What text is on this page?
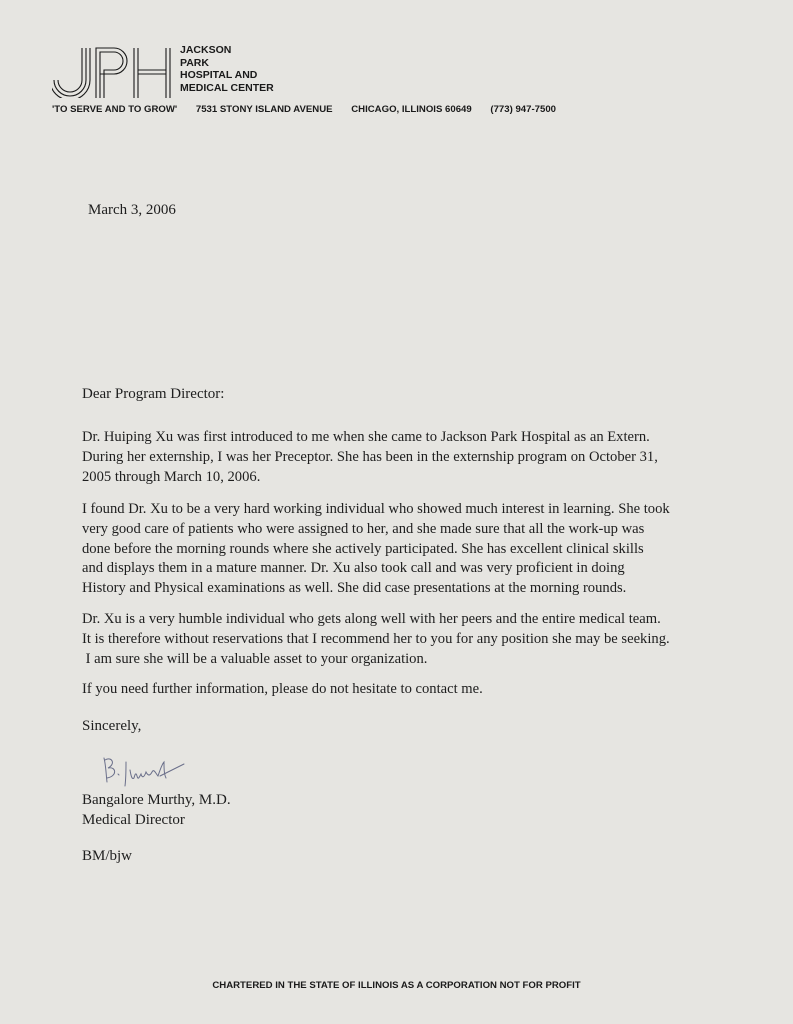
JACKSON
PARK
HOSPITAL AND
MEDICAL CENTER
'TO SERVE AND TO GROW' 7531 STONY ISLAND AVENUE CHICAGO, ILLINOIS 60649 (773) 947-7500
March 3, 2006
Dear Program Director:
Dr. Huiping Xu was first introduced to me when she came to Jackson Park Hospital as an Extern.
During her externship, I was her Preceptor. She has been in the externship program on October 31,
2005 through March 10, 2006.
I found Dr. Xu to be a very hard working individual who showed much interest in learning. She took
very good care of patients who were assigned to her, and she made sure that all the work-up was
done before the morning rounds where she actively participated. She has excellent clinical skills
and displays them in a mature manner. Dr. Xu also took call and was very proficient in doing
History and Physical examinations as well. She did case presentations at the morning rounds.
Dr. Xu is a very humble individual who gets along well with her peers and the entire medical team.
It is therefore without reservations that I recommend her to you for any position she may be seeking.
I am sure she will be a valuable asset to your organization.
If you need further information, please do not hesitate to contact me.
Sincerely,
Bangalore Murthy, M.D.
Medical Director
BM/bjw
CHARTERED IN THE STATE OF ILLINOIS AS A CORPORATION NOT FOR PROFIT
